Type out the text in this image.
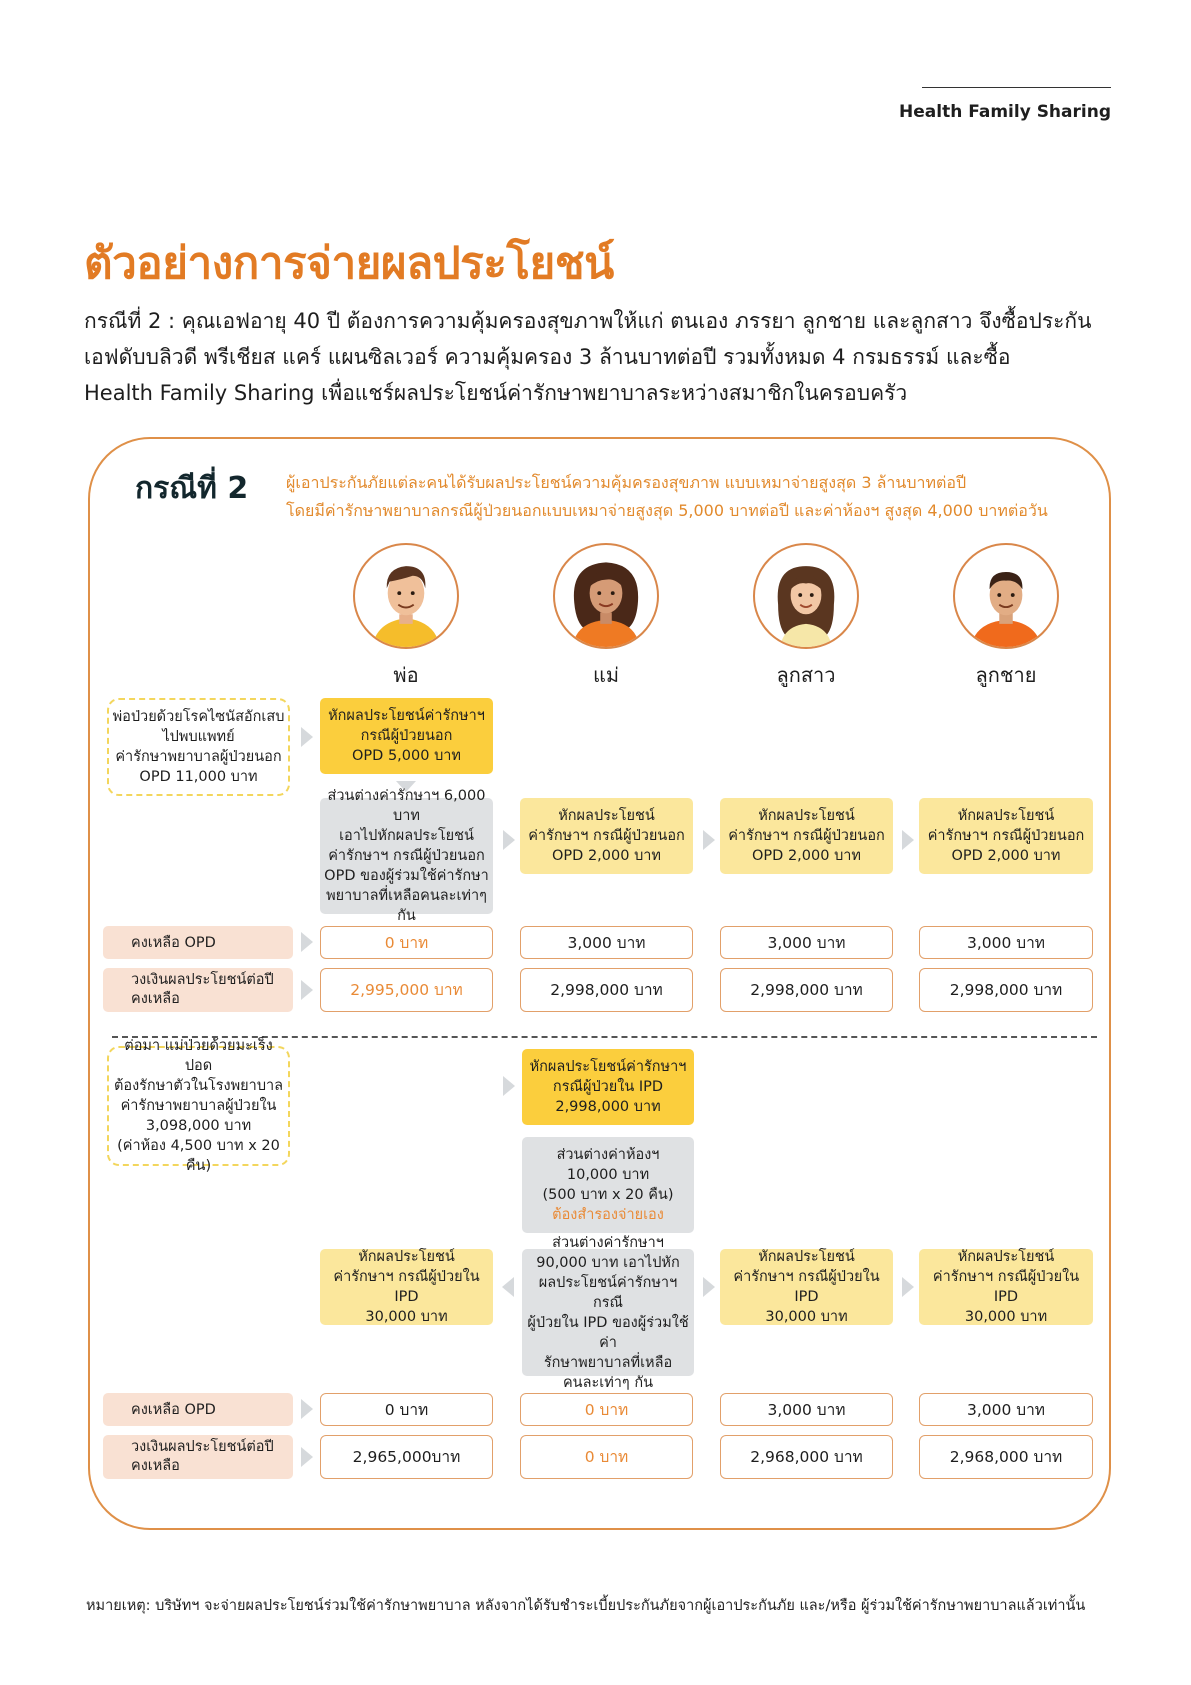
Health Family Sharing
ตัวอย่างการจ่ายผลประโยชน์

กรณีที่ 2 : คุณเอฟอายุ 40 ปี ต้องการความคุ้มครองสุขภาพให้แก่ ตนเอง ภรรยา ลูกชาย และลูกสาว จึงซื้อประกัน

เอฟดับบลิวดี พรีเชียส แคร์ แผนซิลเวอร์ ความคุ้มครอง 3 ล้านบาทต่อปี รวมทั้งหมด 4 กรมธรรม์ และซื้อ

Health Family Sharing เพื่อแชร์ผลประโยชน์ค่ารักษาพยาบาลระหว่างสมาชิกในครอบครัว

กรณีที่ 2 ผู้เอาประกันภัยแต่ละคนได้รับผลประโยชน์ความคุ้มครองสุขภาพ แบบเหมาจ่ายสูงสุด 3 ล้านบาทต่อปี

โดยมีค่ารักษาพยาบาลกรณีผู้ป่วยนอกแบบเหมาจ่ายสูงสุด 5,000 บาทต่อปี และค่าห้องฯ สูงสุด 4,000 บาทต่อวัน

พ่อ	แม่	ลูกสาว	ลูกชาย
พ่อป่วยด้วยโรคไซนัสอักเสบ
ไปพบแพทย์
ค่ารักษาพยาบาลผู้ป่วยนอก
OPD 11,000 บาท
หักผลประโยชน์ค่ารักษาฯ
กรณีผู้ป่วยนอก
OPD 5,000 บาท
ส่วนต่างค่ารักษาฯ 6,000 บาท
เอาไปหักผลประโยชน์
ค่ารักษาฯ กรณีผู้ป่วยนอก
OPD ของผู้ร่วมใช้ค่ารักษา
พยาบาลที่เหลือคนละเท่าๆ กัน
หักผลประโยชน์
ค่ารักษาฯ กรณีผู้ป่วยนอก
OPD 2,000 บาท
หักผลประโยชน์
ค่ารักษาฯ กรณีผู้ป่วยนอก
OPD 2,000 บาท
หักผลประโยชน์
ค่ารักษาฯ กรณีผู้ป่วยนอก
OPD 2,000 บาท
คงเหลือ OPD	0 บาท	3,000 บาท	3,000 บาท	3,000 บาท
วงเงินผลประโยชน์ต่อปี
คงเหลือ	2,995,000 บาท	2,998,000 บาท	2,998,000 บาท	2,998,000 บาท
ต่อมา แม่ป่วยด้วยมะเร็งปอด
ต้องรักษาตัวในโรงพยาบาล
ค่ารักษาพยาบาลผู้ป่วยใน
3,098,000 บาท
(ค่าห้อง 4,500 บาท x 20 คืน)
หักผลประโยชน์ค่ารักษาฯ
กรณีผู้ป่วยใน IPD
2,998,000 บาท
ส่วนต่างค่าห้องฯ
10,000 บาท
(500 บาท x 20 คืน)
ต้องสำรองจ่ายเอง
หักผลประโยชน์
ค่ารักษาฯ กรณีผู้ป่วยใน IPD
30,000 บาท
ส่วนต่างค่ารักษาฯ
90,000 บาท เอาไปหัก
ผลประโยชน์ค่ารักษาฯ กรณี
ผู้ป่วยใน IPD ของผู้ร่วมใช้ค่า
รักษาพยาบาลที่เหลือ
คนละเท่าๆ กัน
หักผลประโยชน์
ค่ารักษาฯ กรณีผู้ป่วยใน IPD
30,000 บาท
หักผลประโยชน์
ค่ารักษาฯ กรณีผู้ป่วยใน IPD
30,000 บาท
คงเหลือ OPD	0 บาท	0 บาท	3,000 บาท	3,000 บาท
วงเงินผลประโยชน์ต่อปี
คงเหลือ	2,965,000บาท	0 บาท	2,968,000 บาท	2,968,000 บาท
หมายเหตุ: บริษัทฯ จะจ่ายผลประโยชน์ร่วมใช้ค่ารักษาพยาบาล หลังจากได้รับชำระเบี้ยประกันภัยจากผู้เอาประกันภัย และ/หรือ ผู้ร่วมใช้ค่ารักษาพยาบาลแล้วเท่านั้น
